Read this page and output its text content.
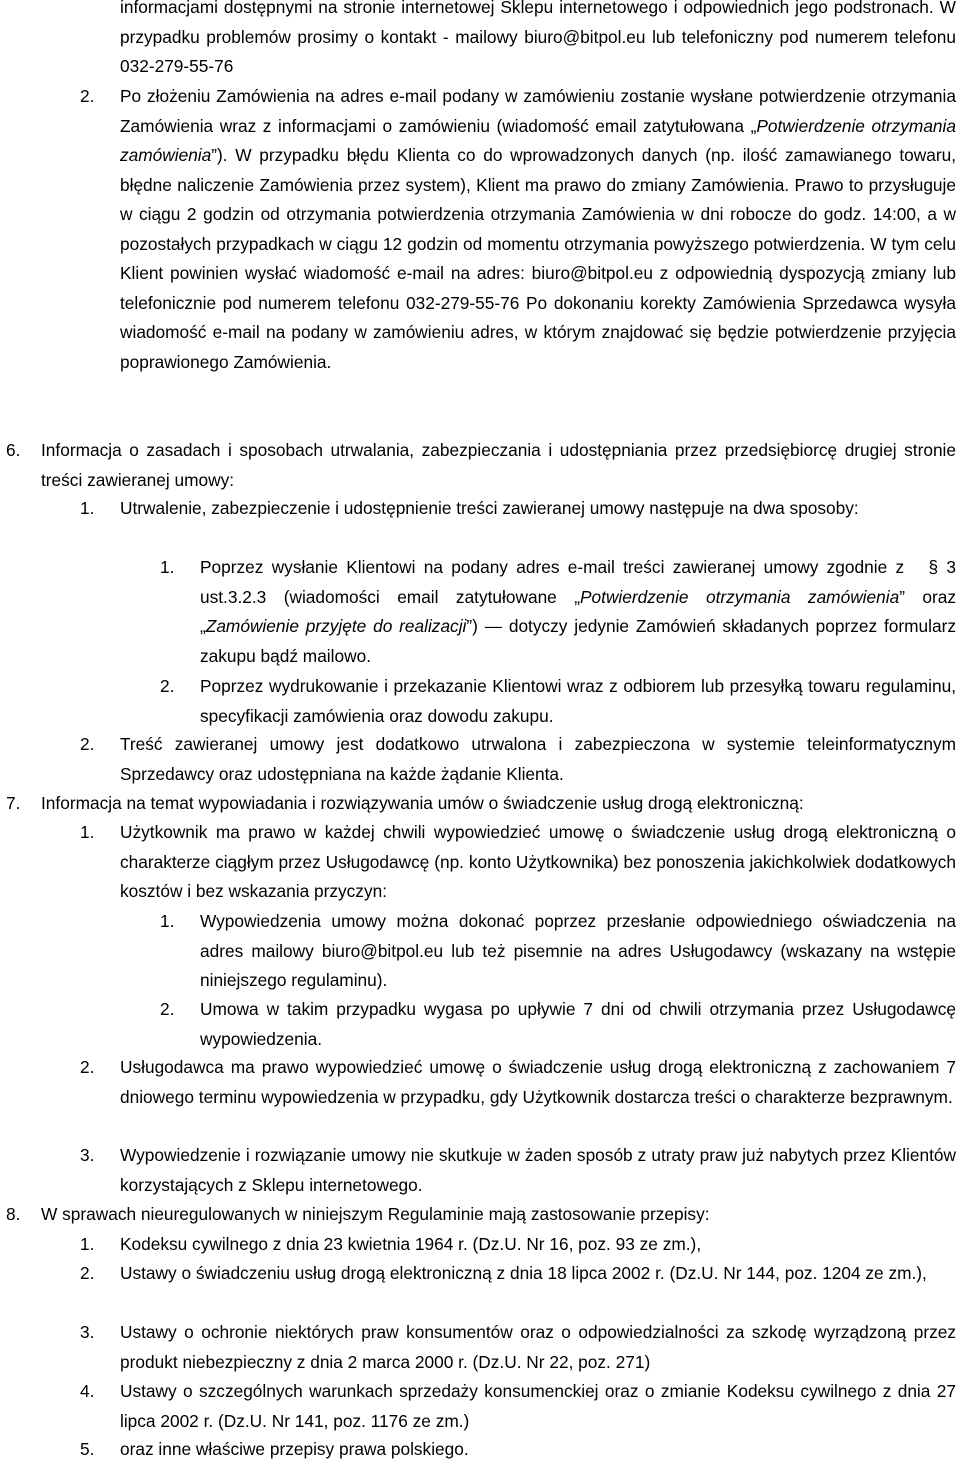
informacjami dostępnymi na stronie internetowej Sklepu internetowego i odpowiednich jego podstronach. W przypadku problemów prosimy o kontakt - mailowy biuro@bitpol.eu lub telefoniczny pod numerem telefonu 032-279-55-76

2. Po złożeniu Zamówienia na adres e-mail podany w zamówieniu zostanie wysłane potwierdzenie otrzymania Zamówienia wraz z informacjami o zamówieniu (wiadomość email zatytułowana „Potwierdzenie otrzymania zamówienia”). W przypadku błędu Klienta co do wprowadzonych danych (np. ilość zamawianego towaru, błędne naliczenie Zamówienia przez system), Klient ma prawo do zmiany Zamówienia. Prawo to przysługuje w ciągu 2 godzin od otrzymania potwierdzenia otrzymania Zamówienia w dni robocze do godz. 14:00, a w pozostałych przypadkach w ciągu 12 godzin od momentu otrzymania powyższego potwierdzenia. W tym celu Klient powinien wysłać wiadomość e-mail na adres: biuro@bitpol.eu z odpowiednią dyspozycją zmiany lub telefonicznie pod numerem telefonu 032-279-55-76 Po dokonaniu korekty Zamówienia Sprzedawca wysyła wiadomość e-mail na podany w zamówieniu adres, w którym znajdować się będzie potwierdzenie przyjęcia poprawionego Zamówienia.

6. Informacja o zasadach i sposobach utrwalania, zabezpieczania i udostępniania przez przedsiębiorcę drugiej stronie treści zawieranej umowy:

1. Utrwalenie, zabezpieczenie i udostępnienie treści zawieranej umowy następuje na dwa sposoby:

1. Poprzez wysłanie Klientowi na podany adres e-mail treści zawieranej umowy zgodnie z § 3 ust.3.2.3 (wiadomości email zatytułowane „Potwierdzenie otrzymania zamówienia” oraz „Zamówienie przyjęte do realizacji”) ― dotyczy jedynie Zamówień składanych poprzez formularz zakupu bądź mailowo.

2. Poprzez wydrukowanie i przekazanie Klientowi wraz z odbiorem lub przesyłką towaru regulaminu, specyfikacji zamówienia oraz dowodu zakupu.

2. Treść zawieranej umowy jest dodatkowo utrwalona i zabezpieczona w systemie teleinformatycznym Sprzedawcy oraz udostępniana na każde żądanie Klienta.

7. Informacja na temat wypowiadania i rozwiązywania umów o świadczenie usług drogą elektroniczną:

1. Użytkownik ma prawo w każdej chwili wypowiedzieć umowę o świadczenie usług drogą elektroniczną o charakterze ciągłym przez Usługodawcę (np. konto Użytkownika) bez ponoszenia jakichkolwiek dodatkowych kosztów i bez wskazania przyczyn:

1. Wypowiedzenia umowy można dokonać poprzez przesłanie odpowiedniego oświadczenia na adres mailowy biuro@bitpol.eu lub też pisemnie na adres Usługodawcy (wskazany na wstępie niniejszego regulaminu).

2. Umowa w takim przypadku wygasa po upływie 7 dni od chwili otrzymania przez Usługodawcę wypowiedzenia.

2. Usługodawca ma prawo wypowiedzieć umowę o świadczenie usług drogą elektroniczną z zachowaniem 7 dniowego terminu wypowiedzenia w przypadku, gdy Użytkownik dostarcza treści o charakterze bezprawnym.

3. Wypowiedzenie i rozwiązanie umowy nie skutkuje w żaden sposób z utraty praw już nabytych przez Klientów korzystających z Sklepu internetowego.

8. W sprawach nieuregulowanych w niniejszym Regulaminie mają zastosowanie przepisy:

1. Kodeksu cywilnego z dnia 23 kwietnia 1964 r. (Dz.U. Nr 16, poz. 93 ze zm.),

2. Ustawy o świadczeniu usług drogą elektroniczną z dnia 18 lipca 2002 r. (Dz.U. Nr 144, poz. 1204 ze zm.),

3. Ustawy o ochronie niektórych praw konsumentów oraz o odpowiedzialności za szkodę wyrządzoną przez produkt niebezpieczny z dnia 2 marca 2000 r. (Dz.U. Nr 22, poz. 271)

4. Ustawy o szczególnych warunkach sprzedaży konsumenckiej oraz o zmianie Kodeksu cywilnego z dnia 27 lipca 2002 r. (Dz.U. Nr 141, poz. 1176 ze zm.)

5. oraz inne właściwe przepisy prawa polskiego.
